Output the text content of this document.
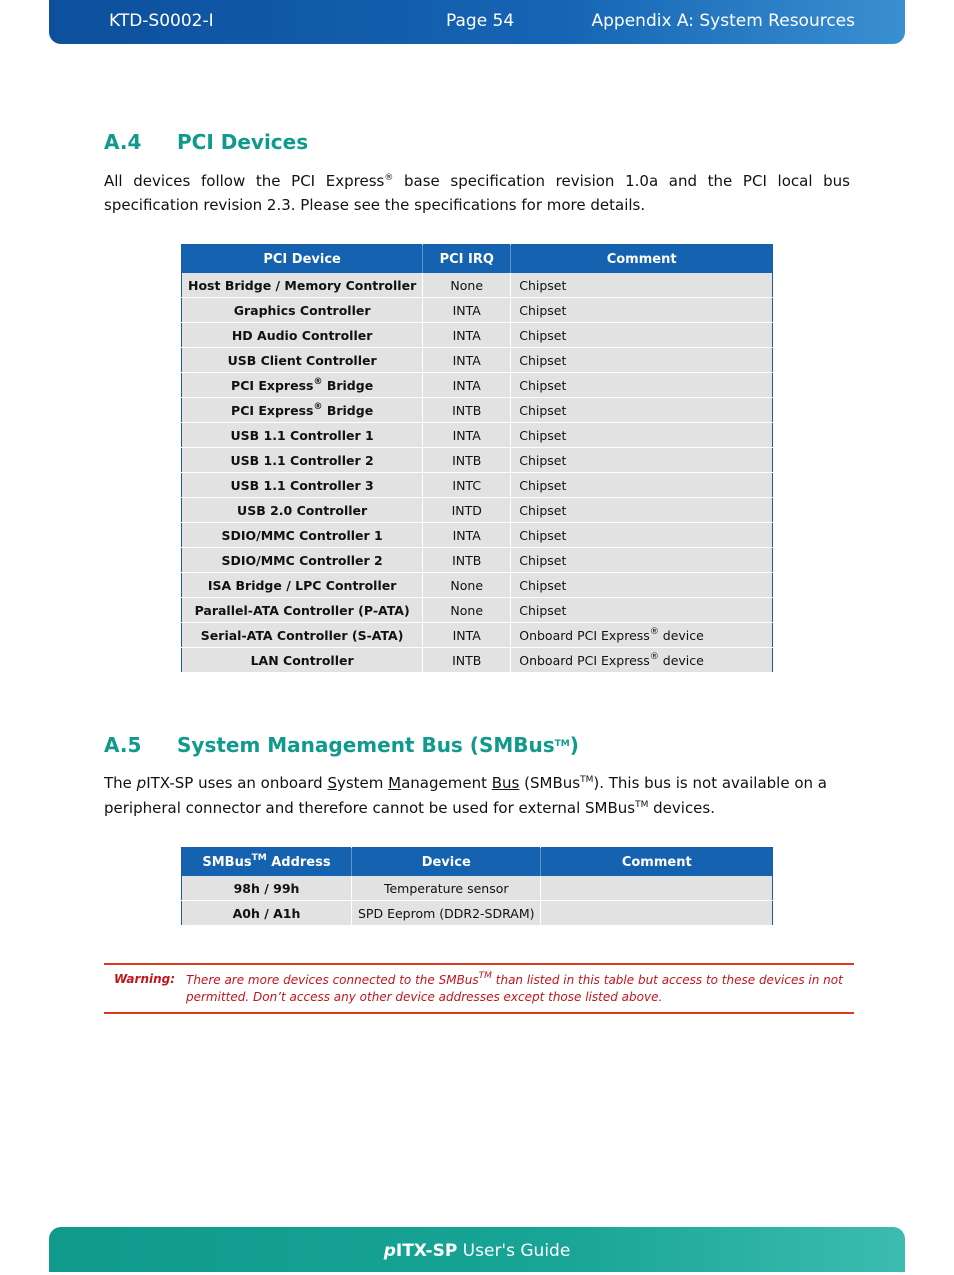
KTD-S0002-I	Page 54	Appendix A: System Resources
A.4 PCI Devices
All devices follow the PCI Express® base specification revision 1.0a and the PCI local bus specification revision 2.3. Please see the specifications for more details.
PCI Device	PCI IRQ	Comment
Host Bridge / Memory Controller	None	Chipset
Graphics Controller	INTA	Chipset
HD Audio Controller	INTA	Chipset
USB Client Controller	INTA	Chipset
PCI Express® Bridge	INTA	Chipset
PCI Express® Bridge	INTB	Chipset
USB 1.1 Controller 1	INTA	Chipset
USB 1.1 Controller 2	INTB	Chipset
USB 1.1 Controller 3	INTC	Chipset
USB 2.0 Controller	INTD	Chipset
SDIO/MMC Controller 1	INTA	Chipset
SDIO/MMC Controller 2	INTB	Chipset
ISA Bridge / LPC Controller	None	Chipset
Parallel-ATA Controller (P-ATA)	None	Chipset
Serial-ATA Controller (S-ATA)	INTA	Onboard PCI Express® device
LAN Controller	INTB	Onboard PCI Express® device
A.5 System Management Bus (SMBus™)
The pITX-SP uses an onboard System Management Bus (SMBus™). This bus is not available on a peripheral connector and therefore cannot be used for external SMBus™ devices.
SMBus™ Address	Device	Comment
98h / 99h	Temperature sensor	
A0h / A1h	SPD Eeprom (DDR2-SDRAM)	
Warning: There are more devices connected to the SMBus™ than listed in this table but access to these devices in not permitted. Don’t access any other device addresses except those listed above.
pITX-SP User's Guide
